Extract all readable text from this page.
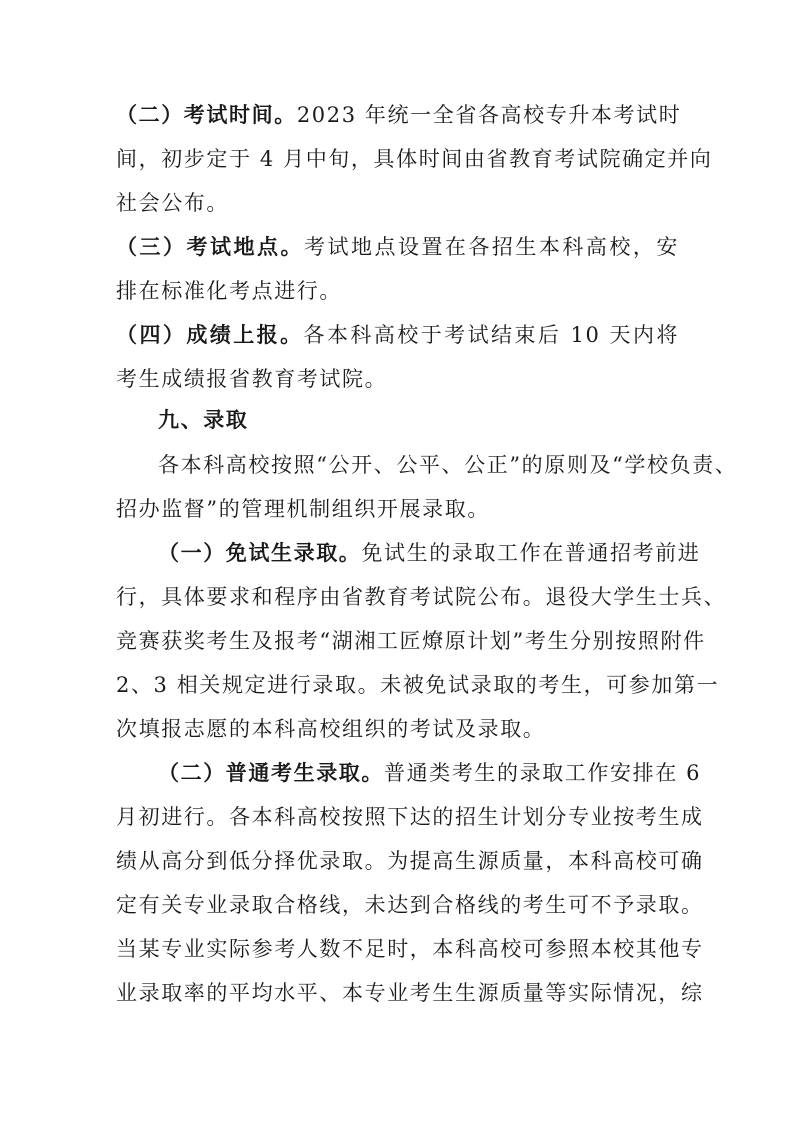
（二）考试时间。2023 年统一全省各高校专升本考试时
间，初步定于 4 月中旬，具体时间由省教育考试院确定并向
社会公布。
（三）考试地点。考试地点设置在各招生本科高校，安
排在标准化考点进行。
（四）成绩上报。各本科高校于考试结束后 10 天内将
考生成绩报省教育考试院。
九、录取
各本科高校按照“公开、公平、公正”的原则及“学校负责、
招办监督”的管理机制组织开展录取。
（一）免试生录取。免试生的录取工作在普通招考前进
行，具体要求和程序由省教育考试院公布。退役大学生士兵、
竞赛获奖考生及报考“湖湘工匠燎原计划”考生分别按照附件
2、3 相关规定进行录取。未被免试录取的考生，可参加第一
次填报志愿的本科高校组织的考试及录取。
（二）普通考生录取。普通类考生的录取工作安排在 6
月初进行。各本科高校按照下达的招生计划分专业按考生成
绩从高分到低分择优录取。为提高生源质量，本科高校可确
定有关专业录取合格线，未达到合格线的考生可不予录取。
当某专业实际参考人数不足时，本科高校可参照本校其他专
业录取率的平均水平、本专业考生生源质量等实际情况，综
